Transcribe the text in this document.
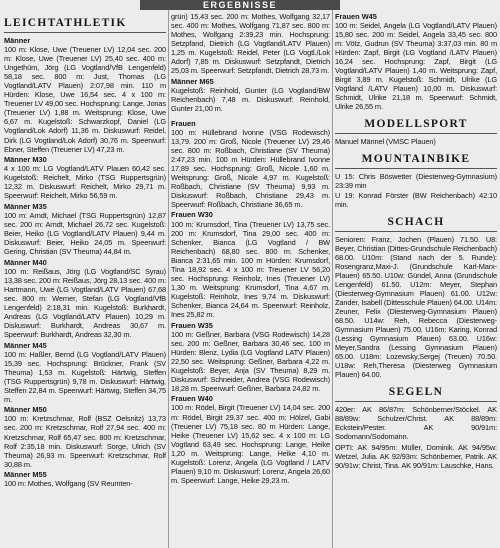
ERGEBNISSE
LEICHTATHLETIK
Männer

100 m: Klose, Uwe (Treuener LV) 12,04 sec. 200 m: Klose, Uwe (Treuener LV) 25,40 sec. 400 m: Ungethüm, Jörg (LG Vogtland/VfB Lengenfeld) 58,18 sec. 800 m: Just, Thomas (LG Vogtland/LATV Plauen) 2:07,98 min. 110 m Hürden: Klose, Uwe 16,54 sec. 4 x 100 m: Treuener LV 49,00 sec. Hochsprung: Lange, Jonas (Treuener LV) 1,88 m. Weitsprung: Klose, Uwe 6,67 m. Kugelstoß: Schwarzkopf, Daniel (LG Vogtland/Lok Adorf) 11,36 m. Diskuswurf: Reidel, Dirk (LG Vogtland/Lok Adorf) 30,76 m. Speerwurf: Ebner, Steffen (Treuener LV) 47,23 m.

Männer M30

4 x 100 m: LG Vogtland/LATV Plauen 60,42 sec. Kugelstoß: Reichelt, Mirko (TSG Ruppertsgrün) 12,32 m. Diskuswurf: Reichelt, Mirko 29,71 m. Speerwurf: Reichelt, Mirko 56,59 m.

Männer M35

100 m: Arndt, Michael (TSG Ruppertsgrün) 12,87 sec. 200 m: Arndt, Michael 26,72 sec. Kugelstoß: Beier, Heiko (LG Vogtland/LATV Plauen) 9,44 m. Diskuswurf: Beier, Heiko 24,05 m. Speerwurf: Gering, Christian (SV Theuma) 44,84 m.

Männer M40

100 m: Reißaus, Jörg (LG Vogtland/SC Syrau) 13,38 sec. 200 m: Reißaus, Jörg 28,13 sec. 400 m: Hartmann, Uwe (LG Vogtland/LATV Plauen) 67,68 sec. 800 m: Werner, Stefan (LG Vogtland/VfB Lengenfeld) 2:18,31 min. Kugelstoß: Burkhardt, Andreas (LG Vogtland/LATV Plauen) 10,29 m. Diskuswurf: Burkhardt, Andreas 30,67 m. Speerwurf: Burkhardt, Andreas 32,30 m.

Männer M45

100 m: Haßler, Bernd (LG Vogtland/LATV Plauen) 15,39 sec. Hochsprung: Brückner, Frank (SV Theuma) 1,53 m. Kugelstoß: Härtwig, Steffen (TSG Ruppertsgrün) 9,78 m. Diskuswurf: Härtwig, Steffen 22,84 m. Speerwurf: Härtwig, Steffen 34,75 m.

Männer M50

100 m: Kretzschmar, Rolf (BSZ Oelsnitz) 13,73 sec. 200 m: Kretzschmar, Rolf 27,94 sec. 400 m: Kretzschmar, Rolf 65,47 sec. 800 m: Kretzschmar, Rolf 2:35,18 min. Diskuswurf: Sorge, Ulrich (SV Theuma) 26,93 m. Speerwurf: Kretzschmar, Rolf 30,88 m.

Männer M55

100 m: Mothes, Wolfgang (SV Reumten-

grün) 15,43 sec. 200 m: Mothes, Wolfgang 32,17 sec. 400 m: Mothes, Wolfgang 71,87 sec. 800 m: Mothes, Wolfgang 2:39,23 min. Hochsprung: Setzpfand, Dietrich (LG Vogtland/LATV Plauen) 1,25 m. Kugelstoß: Reidel, Peter (LG Vogtl./Lok Adorf) 7,85 m. Diskuswurf: Setzpfandt, Dietrich 25,03 m. Speerwurf: Setzpfandt, Dietrich 28,73 m.

Männer M65

Kugelstoß: Reinhold, Gunter (LG Vogtland/BW Reichenbach) 7,48 m. Diskuswurf: Reinhold, Gunter 21,00 m.

Frauen

100 m: Hüllebrand Ivonne (VSG Rodewisch) 13,79. 200 m: Groß, Nicole (Treuener LV) 29,46 sec. 800 m: Roßbach, Christiane (SV Theuma) 2:47,23 min. 100 m Hürden: Hüllebrand Ivonne 17,89 sec. Hochsprung: Groß, Nicole 1,60 m. Weitsprung: Groß, Nicole 4,97 m. Kugelstoß: Roßbach, Christiane (SV Theuma) 9,93 m. Diskuswurf: Roßbach, Christiane 29,43 m. Speerwurf: Roßbach, Christiane 36,65 m.

Frauen W30

100 m: Krumsdorf, Tina (Treuener LV) 13,75 sec. 200 m: Krumsdorf, Tina 29,00 sec. 400 m: Schenker, Bianca (LG Vogtland / BW Reichenbach) 68,80 sec. 800 m: Schenker, Bianca 2:31,65 min. 100 m Hürden: Krumsdorf, Tina 18,92 sec. 4 x 100 m: Treuener LV 56,20 sec. Hochsprung: Reinholz, Ines (Treuener LV) 1,30 m. Weitsprung: Krumsdorf, Tina 4,67 m. Kugelstoß: Reinholz, Ines 9,74 m. Diskuswurf: Schenker, Bianca 24,64 m. Speerwurf: Reinholz, Ines 25,82 m.

Frauen W35

100 m: Geßner, Barbara (VSG Rodewisch) 14,28 sec. 200 m: Geßner, Barbara 30,46 sec. 100 m Hürden: Blenz, Lydia (LG Vogtland LATV Plauen) 22,50 sec. Weitsprung: Geßner, Barbara 4,22 m. Kugelstoß: Beyer, Anja (SV Theuma) 8,29 m. Diskuswurf: Schneider, Andrea (VSG Rodewisch) 18,28 m. Speerwurf: Geßner, Barbara 24,82 m.

Frauen W40

100 m: Rödel, Birgit (Treuener LV) 14,04 sec. 200 m: Rödel, Birgit 29,37 sec. 400 m: Hölzel, Gabi (Treuener LV) 75,18 sec. 80 m Hürden: Lange, Heike (Treuener LV) 15,62 sec. 4 x 100 m: LG Vogtland 63,49 sec. Hochsprung: Lange, Heike 1,20 m. Weitsprung: Lange, Heike 4,10 m. Kugelstoß: Lorenz, Angela (LG Vogtland / LATV Plauen) 9,10 m. Diskuswurf: Lorenz, Angela 26,60 m. Speerwurf: Lange, Heike 29,23 m.

Frauen W45

100 m: Seidel, Angela (LG Vogtland/LATV Plauen) 15,80 sec. 200 m: Seidel, Angela 33,45 sec. 800 m: Vötz, Gudrun (SV Theuma) 3:37,03 min. 80 m Hürden: Zapf, Birgit (LG Vogtland /LATV Plauen) 16,24 sec. Hochsprung: Zapf, Birgit (LG Vogtland/LATV Plauen) 1,40 m. Weitsprung: Zapf, Birgit 3,89 m. Kugelstoß: Schmidt, Ulrike (LG Vogtland /LATV Plauen) 10,00 m. Diskuswurf: Schmidt, Ulrike 21,18 m. Speerwurf: Schmidt, Ulrike 26,55 m.

MODELLSPORT

Manuel Männel (VMSC Plauen)

MOUNTAINBIKE

U 15: Chris Böswetter (Diesterweg-Gymnasium) 23:39 min

U 19: Konrad Förster (BW Reichenbach) 42:10 min.

SCHACH

Senioren: Franz, Jochen (Plauen) 71.50. U8: Beyer, Christian (Dittes-Grundschule Reichenbach) 68.00. U10m: (Stand nach der 5. Runde): Rosengranz,Maxi-J. (Grundschule Karl-Marx-Plauen) 65.50. U10w: Gündel, Anna (Grundschule Lengenfeld) 61.50. U12m: Meyer, Stephan (Diesterweg-Gymnasium Plauen) 61.00. U12w: Zander, Isabell (Dittesschule Plauen) 64.00. U14m: Zeuner, Felix (Diesterweg-Gymnasium Plauen) 68.50. U14w: Reh, Rebecca (Diesterweg-Gymnasium Plauen) 75.00. U16m: Karing, Konrad (Lessing Gymnasium Plauen) 63.00. U16w: Meyer,Sandra (Lessing Gymnasium Plauen) 65.00. U18m: Lozewsky,Sergej (Treuen) 70.50. U18w: Reh,Theresa (Diesterweg Gymnasium Plauen) 64.00.

SEGELN

420er: AK 86/87m: Schönberner/Stöckel. AK 88/89w: Schulzer/Christ. AK 88/89m: Eckstein/Pester. AK 90/91m: Sodomann/Sodomann.

OPTI: AK 94/95m: Müller, Dominik. AK 94/95w: Wetzel, Julia. AK 92/93m: Schönberner, Patrik. AK 90/91w: Christ, Tina. AK 90/91m: Lauschke, Hans.
